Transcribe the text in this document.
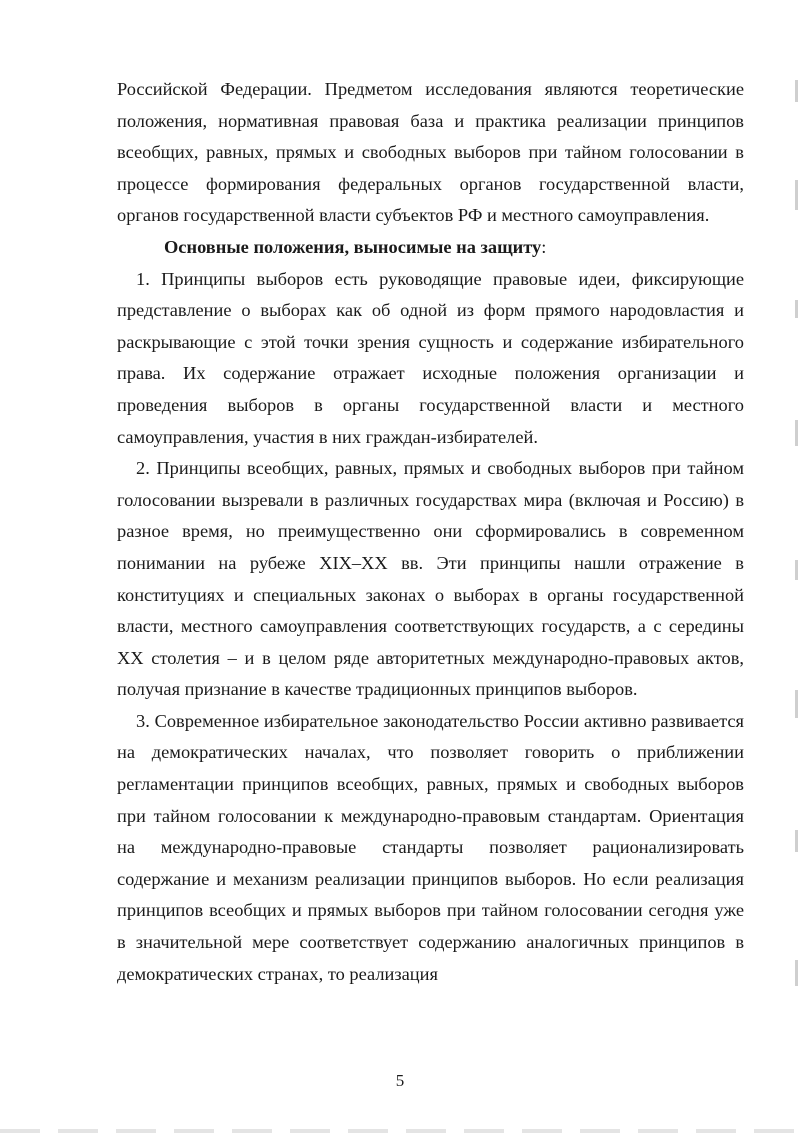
Российской Федерации. Предметом исследования являются теоретические положения, нормативная правовая база и практика реализации принципов всеобщих, равных, прямых и свободных выборов при тайном голосовании в процессе формирования федеральных органов государственной власти, органов государственной власти субъектов РФ и местного самоуправления.

Основные положения, выносимые на защиту:

1. Принципы выборов есть руководящие правовые идеи, фиксирующие представление о выборах как об одной из форм прямого народовластия и раскрывающие с этой точки зрения сущность и содержание избирательного права. Их содержание отражает исходные положения организации и проведения выборов в органы государственной власти и местного самоуправления, участия в них граждан-избирателей.

2. Принципы всеобщих, равных, прямых и свободных выборов при тайном голосовании вызревали в различных государствах мира (включая и Россию) в разное время, но преимущественно они сформировались в современном понимании на рубеже XIX–XX вв. Эти принципы нашли отражение в конституциях и специальных законах о выборах в органы государственной власти, местного самоуправления соответствующих государств, а с середины XX столетия – и в целом ряде авторитетных международно-правовых актов, получая признание в качестве традиционных принципов выборов.

3. Современное избирательное законодательство России активно развивается на демократических началах, что позволяет говорить о приближении регламентации принципов всеобщих, равных, прямых и свободных выборов при тайном голосовании к международно-правовым стандартам. Ориентация на международно-правовые стандарты позволяет рационализировать содержание и механизм реализации принципов выборов. Но если реализация принципов всеобщих и прямых выборов при тайном голосовании сегодня уже в значительной мере соответствует содержанию аналогичных принципов в демократических странах, то реализация

5
